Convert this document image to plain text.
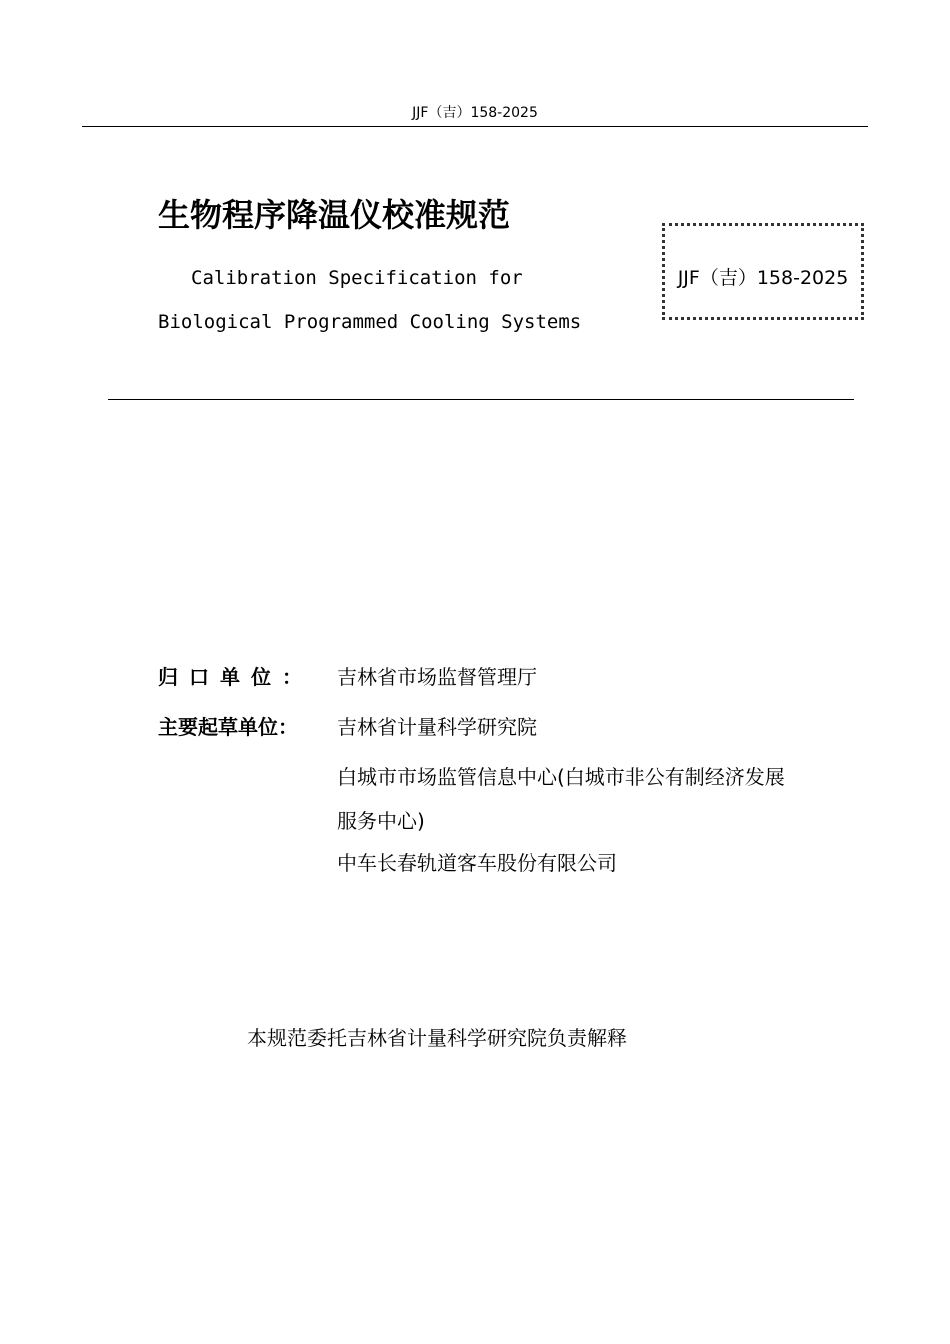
JJF（吉）158-2025
生物程序降温仪校准规范
Calibration Specification for
Biological Programmed Cooling Systems
JJF（吉）158-2025
归口单位： 吉林省市场监督管理厅
主要起草单位： 吉林省计量科学研究院
白城市市场监管信息中心(白城市非公有制经济发展
服务中心)
中车长春轨道客车股份有限公司
本规范委托吉林省计量科学研究院负责解释
